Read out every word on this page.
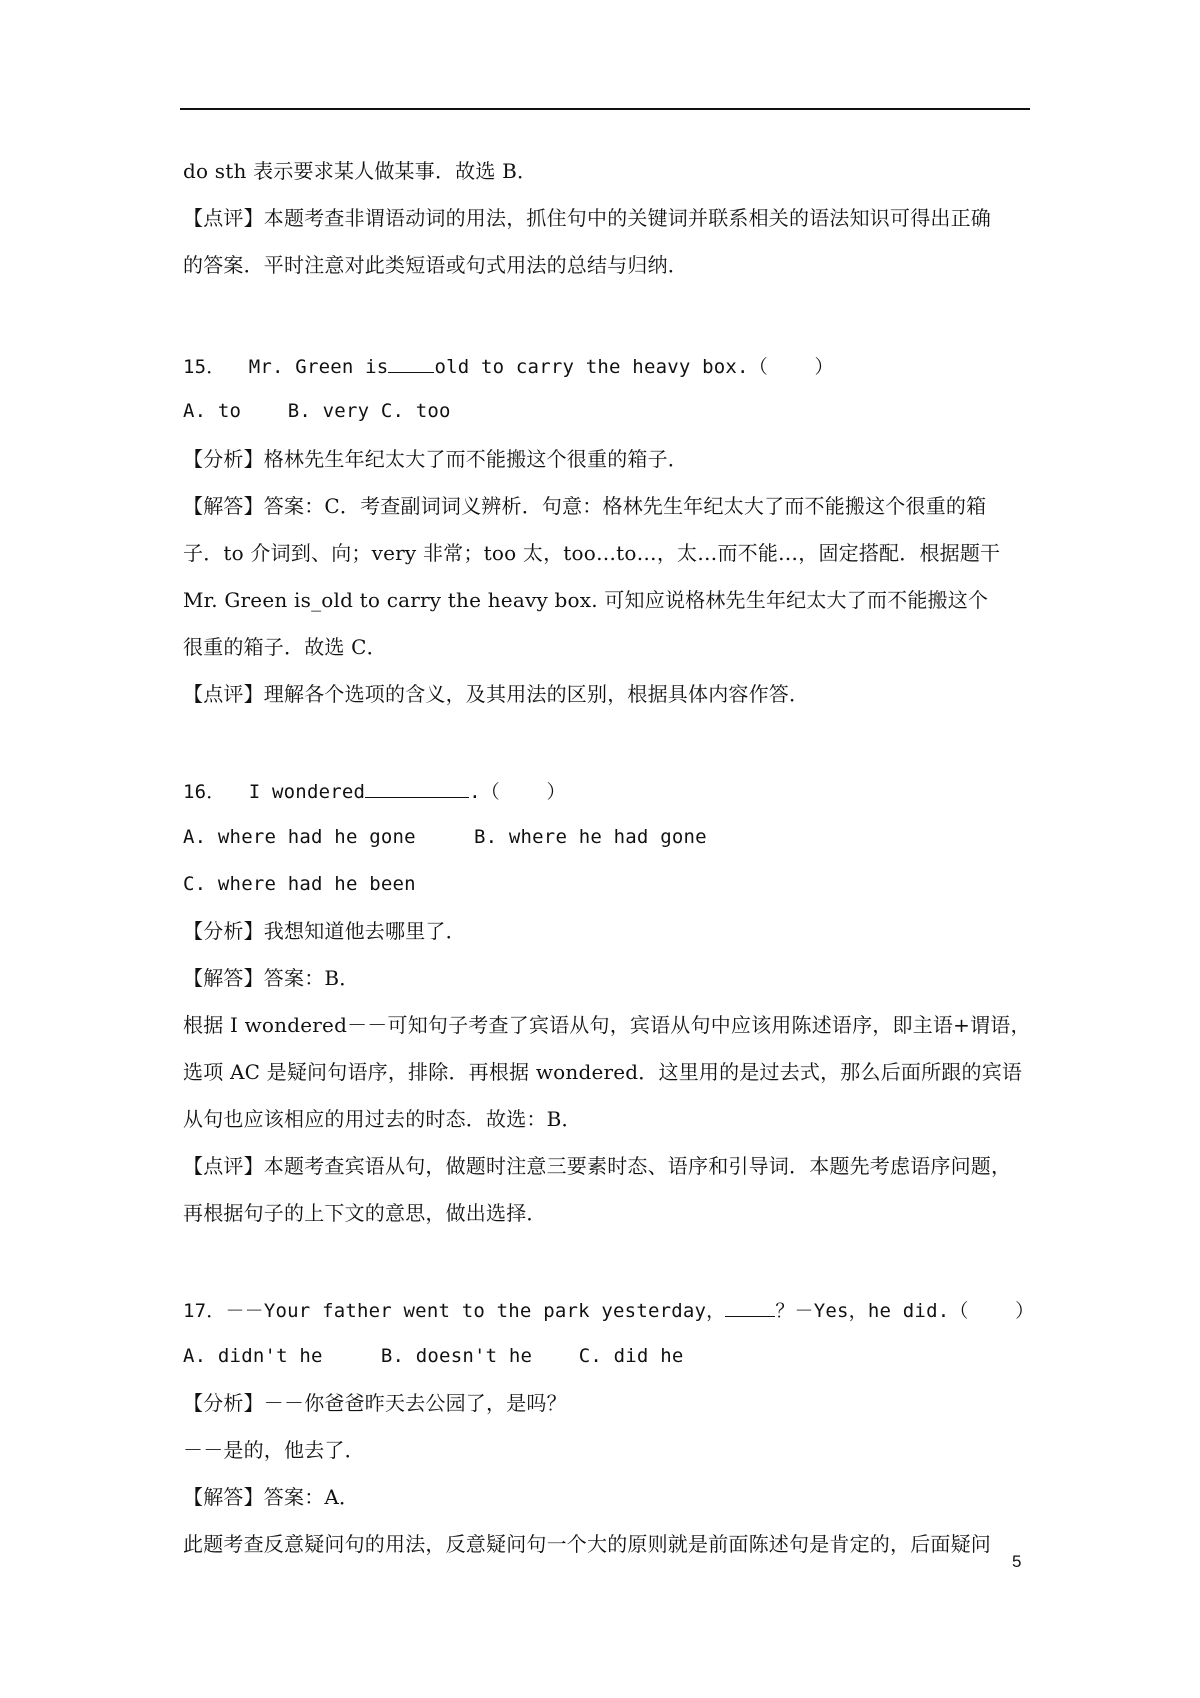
do sth 表示要求某人做某事．故选 B．
【点评】本题考查非谓语动词的用法，抓住句中的关键词并联系相关的语法知识可得出正确
的答案．平时注意对此类短语或句式用法的总结与归纳．
15．  Mr. Green is old to carry the heavy box.（    ）
A. to    B. very C. too
【分析】格林先生年纪太大了而不能搬这个很重的箱子．
【解答】答案：C．考查副词词义辨析．句意：格林先生年纪太大了而不能搬这个很重的箱
子．to 介词到、向；very 非常；too 太，too…to…，太…而不能…，固定搭配．根据题干
Mr. Green is_old to carry the heavy box. 可知应说格林先生年纪太大了而不能搬这个
很重的箱子．故选 C．
【点评】理解各个选项的含义，及其用法的区别，根据具体内容作答．
16．  I wondered	.（    ）
A. where had he gone     B. where he had gone
C. where had he been
【分析】我想知道他去哪里了．
【解答】答案：B．
根据 I wondered－－可知句子考查了宾语从句，宾语从句中应该用陈述语序，即主语+谓语，
选项 AC 是疑问句语序，排除．再根据 wondered．这里用的是过去式，那么后面所跟的宾语
从句也应该相应的用过去的时态．故选：B．
【点评】本题考查宾语从句，做题时注意三要素时态、语序和引导词．本题先考虑语序问题，
再根据句子的上下文的意思，做出选择．
17．－－Your father went to the park yesterday，	？－Yes，he did.（    ）
A. didn't he     B. doesn't he    C. did he
【分析】－－你爸爸昨天去公园了，是吗？
－－是的，他去了．
【解答】答案：A．
此题考查反意疑问句的用法，反意疑问句一个大的原则就是前面陈述句是肯定的，后面疑问
5
